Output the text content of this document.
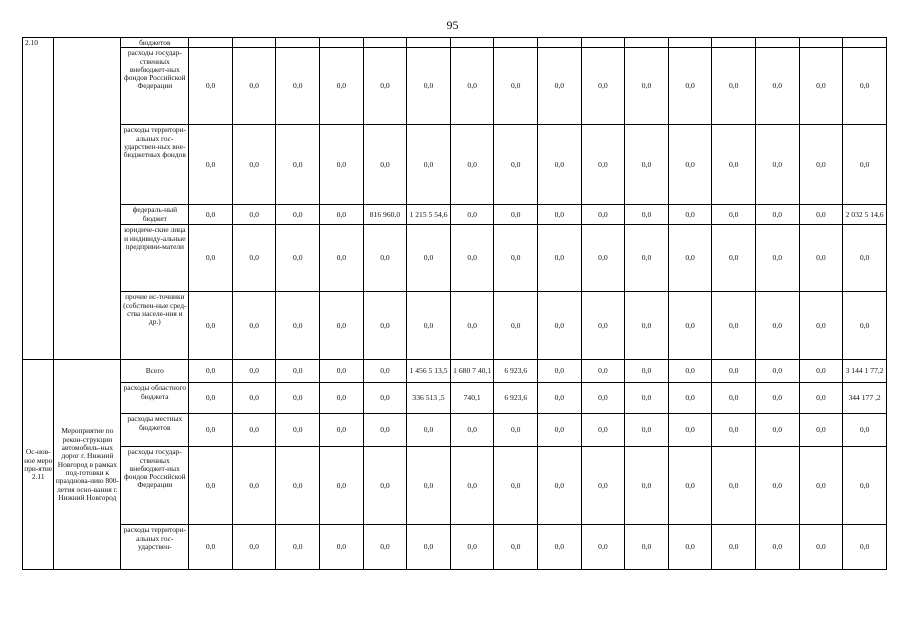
95
2.10		бюджетов																
		расходы государ-ственных внебюджет-ных фондов Российской Федерации	0,0	0,0	0,0	0,0	0,0	0,0	0,0	0,0	0,0	0,0	0,0	0,0	0,0	0,0	0,0	0,0
		расходы территори-альных гос-ударствен-ных вне-бюджетных фондов	0,0	0,0	0,0	0,0	0,0	0,0	0,0	0,0	0,0	0,0	0,0	0,0	0,0	0,0	0,0	0,0
		федераль-ный бюджет	0,0	0,0	0,0	0,0	816 960,0	1 215 5 54,6	0,0	0,0	0,0	0,0	0,0	0,0	0,0	0,0	0,0	2 032 5 14,6
		юридиче-ские лица и индивиду-альные предприни-матели	0,0	0,0	0,0	0,0	0,0	0,0	0,0	0,0	0,0	0,0	0,0	0,0	0,0	0,0	0,0	0,0
		прочие ис-точники (собствен-ные сред-ства населе-ния и др.)	0,0	0,0	0,0	0,0	0,0	0,0	0,0	0,0	0,0	0,0	0,0	0,0	0,0	0,0	0,0	0,0
Ос-нов-ное меро при-ятие 2.11	Мероприятие по рекон-струкции автомобиль-ных дорог г. Нижний Новгород в рамках под-готовки к празднова-нию 800-летия осно-вания г. Нижний Новгород	Всего	0,0	0,0	0,0	0,0	0,0	1 456 5 13,5	1 680 7 40,1	6 923,6	0,0	0,0	0,0	0,0	0,0	0,0	0,0	3 144 1 77,2
		расходы областного бюджета	0,0	0,0	0,0	0,0	0,0	336 513 ,5	740,1	6 923,6	0,0	0,0	0,0	0,0	0,0	0,0	0,0	344 177 ,2
		расходы местных бюджетов	0,0	0,0	0,0	0,0	0,0	0,0	0,0	0,0	0,0	0,0	0,0	0,0	0,0	0,0	0,0	0,0
		расходы государ-ственных внебюджет-ных фондов Российской Федерации	0,0	0,0	0,0	0,0	0,0	0,0	0,0	0,0	0,0	0,0	0,0	0,0	0,0	0,0	0,0	0,0
		расходы территори-альных гос-ударствен-	0,0	0,0	0,0	0,0	0,0	0,0	0,0	0,0	0,0	0,0	0,0	0,0	0,0	0,0	0,0	0,0
